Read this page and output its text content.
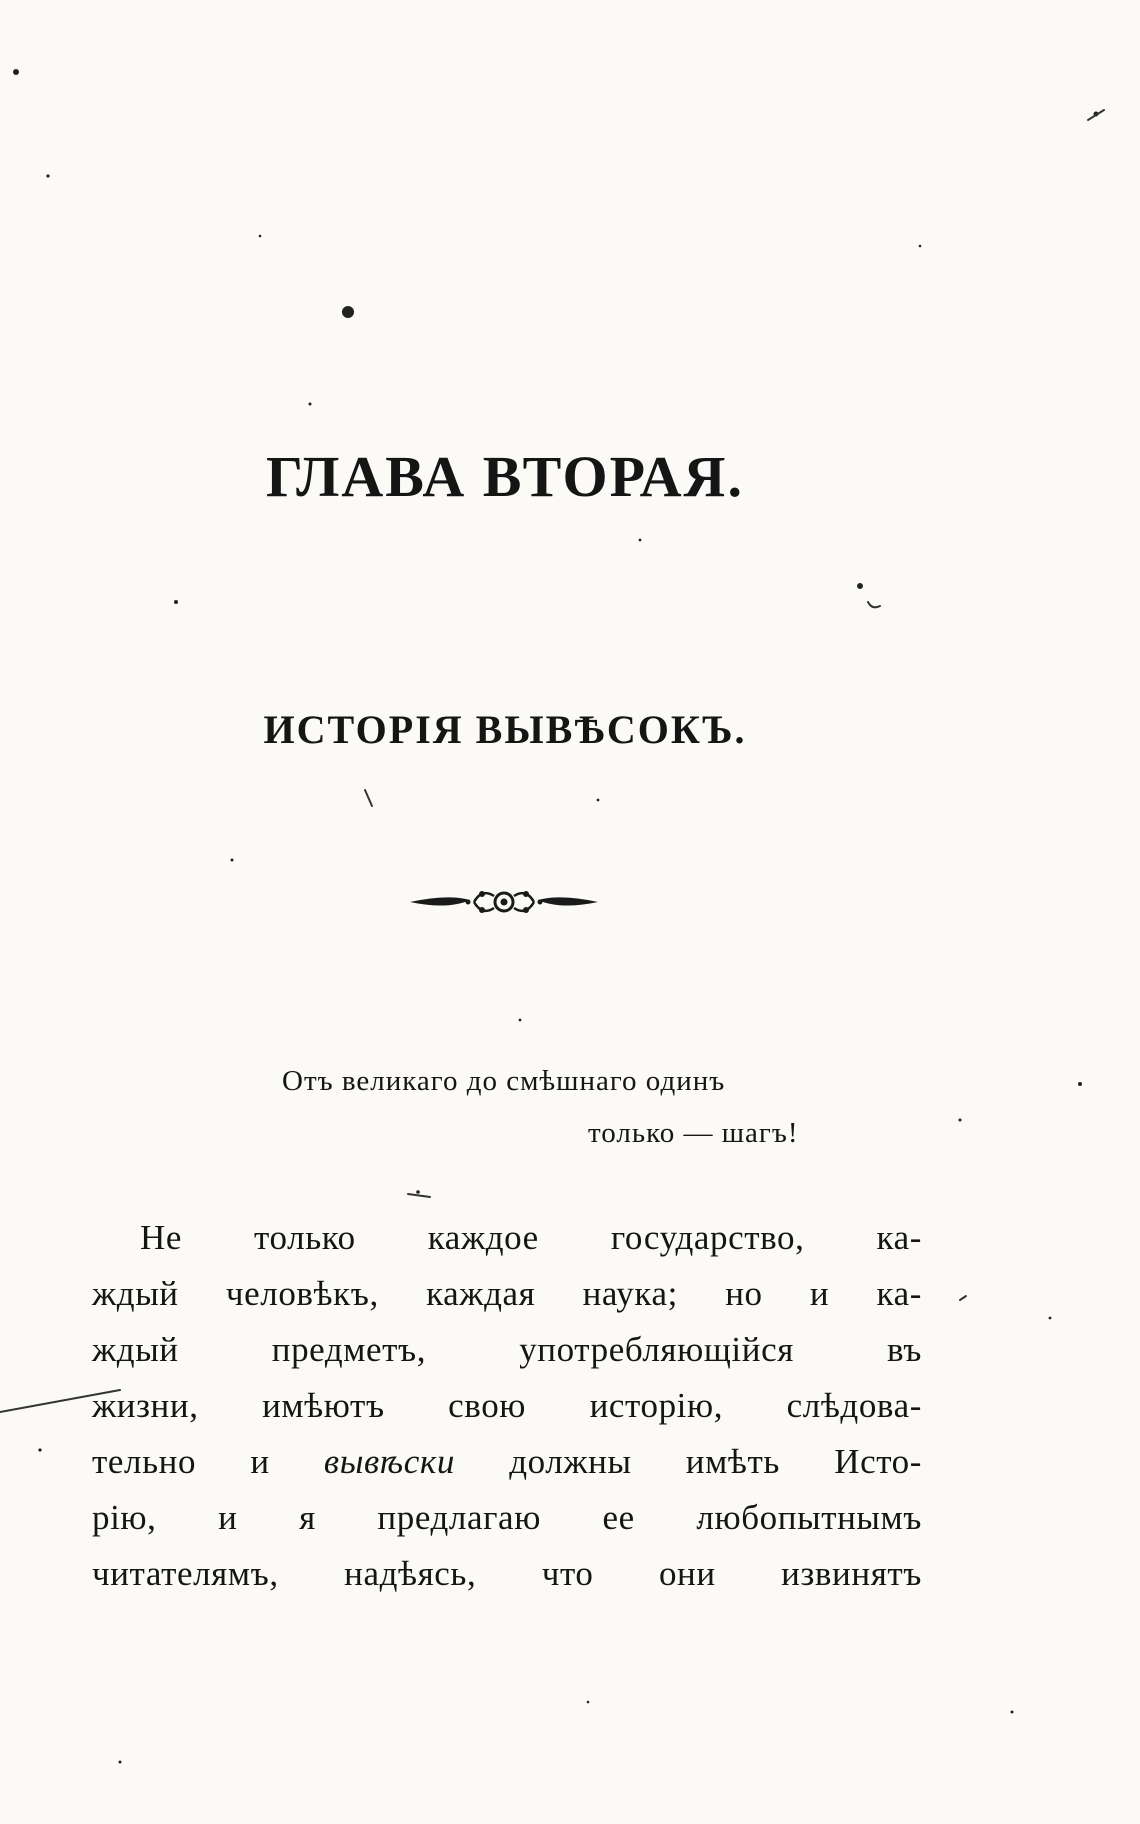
ГЛАВА ВТОРАЯ.
ИСТОРІЯ ВЫВѢСОКЪ.
Отъ великаго до смѣшнаго одинъ
только — шагъ!
Не только каждое государство, ка-
ждый человѣкъ, каждая наука; но и ка-
ждый предметъ, употребляющійся въ
жизни, имѣютъ свою исторію, слѣдова-
тельно и вывѣски должны имѣть Исто-
рію, и я предлагаю ее любопытнымъ
читателямъ, надѣясь, что они извинятъ
